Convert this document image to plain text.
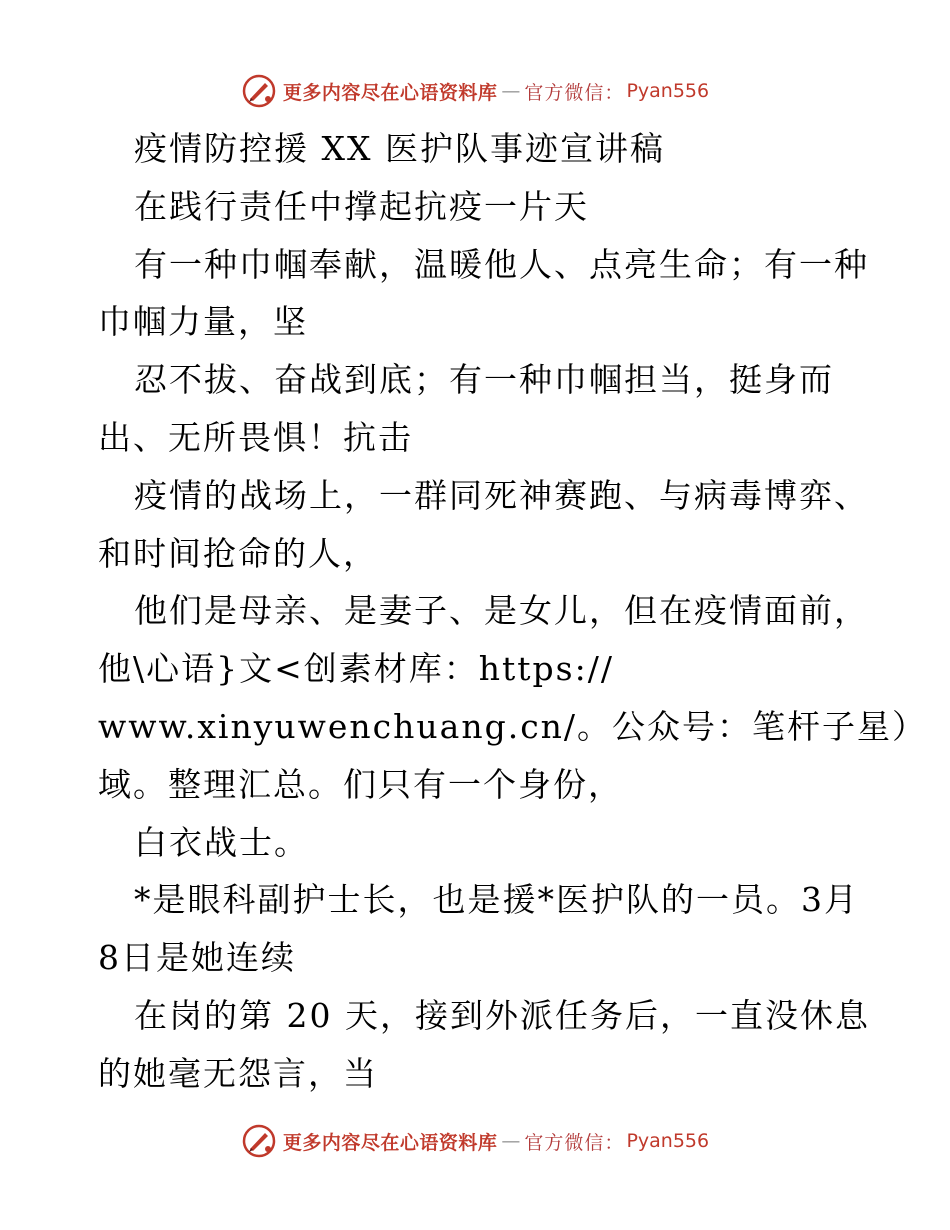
更多内容尽在心语资料库 — 官方微信： Pyan556
疫情防控援 XX 医护队事迹宣讲稿
在践行责任中撑起抗疫一片天
有一种巾帼奉献，温暖他人、点亮生命；有一种
巾帼力量，坚
忍不拔、奋战到底；有一种巾帼担当，挺身而
出、无所畏惧！抗击
疫情的战场上，一群同死神赛跑、与病毒博弈、
和时间抢命的人，
他们是母亲、是妻子、是女儿，但在疫情面前，
他\心语}文<创素材库：https://
www.xinyuwenchuang.cn/。公众号：笔杆子星）
域。整理汇总。们只有一个身份，
白衣战士。
*是眼科副护士长，也是援*医护队的一员。3月
8日是她连续
在岗的第 20 天，接到外派任务后，一直没休息
的她毫无怨言，当
更多内容尽在心语资料库 — 官方微信： Pyan556
